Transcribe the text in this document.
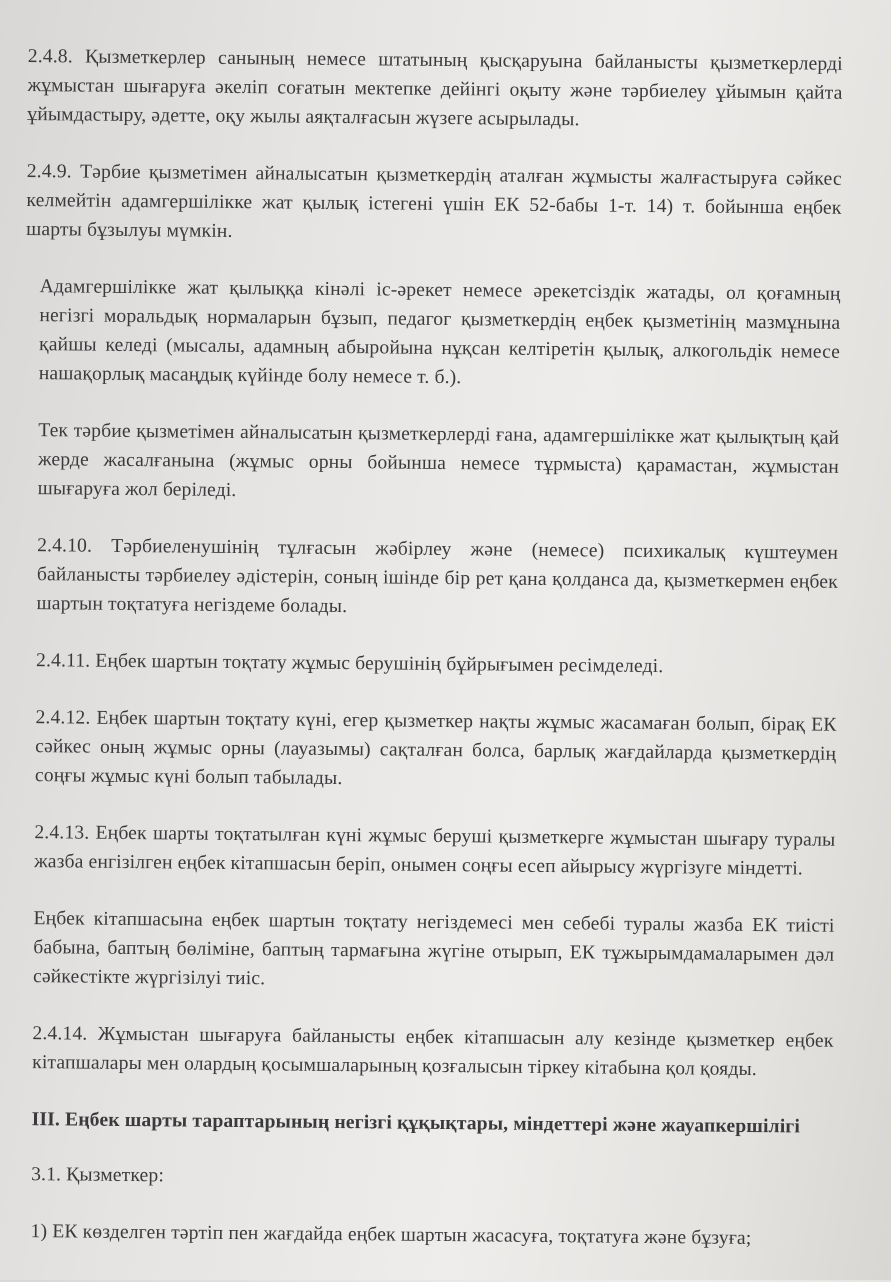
2.4.8. Қызметкерлер санының немесе штатының қысқаруына байланысты қызметкерлерді жұмыстан шығаруға әкеліп соғатын мектепке дейінгі оқыту және тәрбиелеу ұйымын қайта ұйымдастыру, әдетте, оқу жылы аяқталғасын жүзеге асырылады.

2.4.9. Тәрбие қызметімен айналысатын қызметкердің аталған жұмысты жалғастыруға сәйкес келмейтін адамгершілікке жат қылық істегені үшін ЕК 52-бабы 1-т. 14) т. бойынша еңбек шарты бұзылуы мүмкін.

Адамгершілікке жат қылыққа кінәлі іс-әрекет немесе әрекетсіздік жатады, ол қоғамның негізгі моральдық нормаларын бұзып, педагог қызметкердің еңбек қызметінің мазмұнына қайшы келеді (мысалы, адамның абыройына нұқсан келтіретін қылық, алкогольдік немесе нашақорлық масаңдық күйінде болу немесе т. б.).

Тек тәрбие қызметімен айналысатын қызметкерлерді ғана, адамгершілікке жат қылықтың қай жерде жасалғанына (жұмыс орны бойынша немесе тұрмыста) қарамастан, жұмыстан шығаруға жол беріледі.

2.4.10. Тәрбиеленушінің тұлғасын жәбірлеу және (немесе) психикалық күштеумен байланысты тәрбиелеу әдістерін, соның ішінде бір рет қана қолданса да, қызметкермен еңбек шартын тоқтатуға негіздеме болады.

2.4.11. Еңбек шартын тоқтату жұмыс берушінің бұйрығымен ресімделеді.

2.4.12. Еңбек шартын тоқтату күні, егер қызметкер нақты жұмыс жасамаған болып, бірақ ЕК сәйкес оның жұмыс орны (лауазымы) сақталған болса, барлық жағдайларда қызметкердің соңғы жұмыс күні болып табылады.

2.4.13. Еңбек шарты тоқтатылған күні жұмыс беруші қызметкерге жұмыстан шығару туралы жазба енгізілген еңбек кітапшасын беріп, онымен соңғы есеп айырысу жүргізуге міндетті.

Еңбек кітапшасына еңбек шартын тоқтату негіздемесі мен себебі туралы жазба ЕК тиісті бабына, баптың бөліміне, баптың тармағына жүгіне отырып, ЕК тұжырымдамаларымен дәл сәйкестікте жүргізілуі тиіс.

2.4.14. Жұмыстан шығаруға байланысты еңбек кітапшасын алу кезінде қызметкер еңбек кітапшалары мен олардың қосымшаларының қозғалысын тіркеу кітабына қол қояды.

III. Еңбек шарты тараптарының негізгі құқықтары, міндеттері және жауапкершілігі

3.1. Қызметкер:

1) ЕК көзделген тәртіп пен жағдайда еңбек шартын жасасуға, тоқтатуға және бұзуға;
